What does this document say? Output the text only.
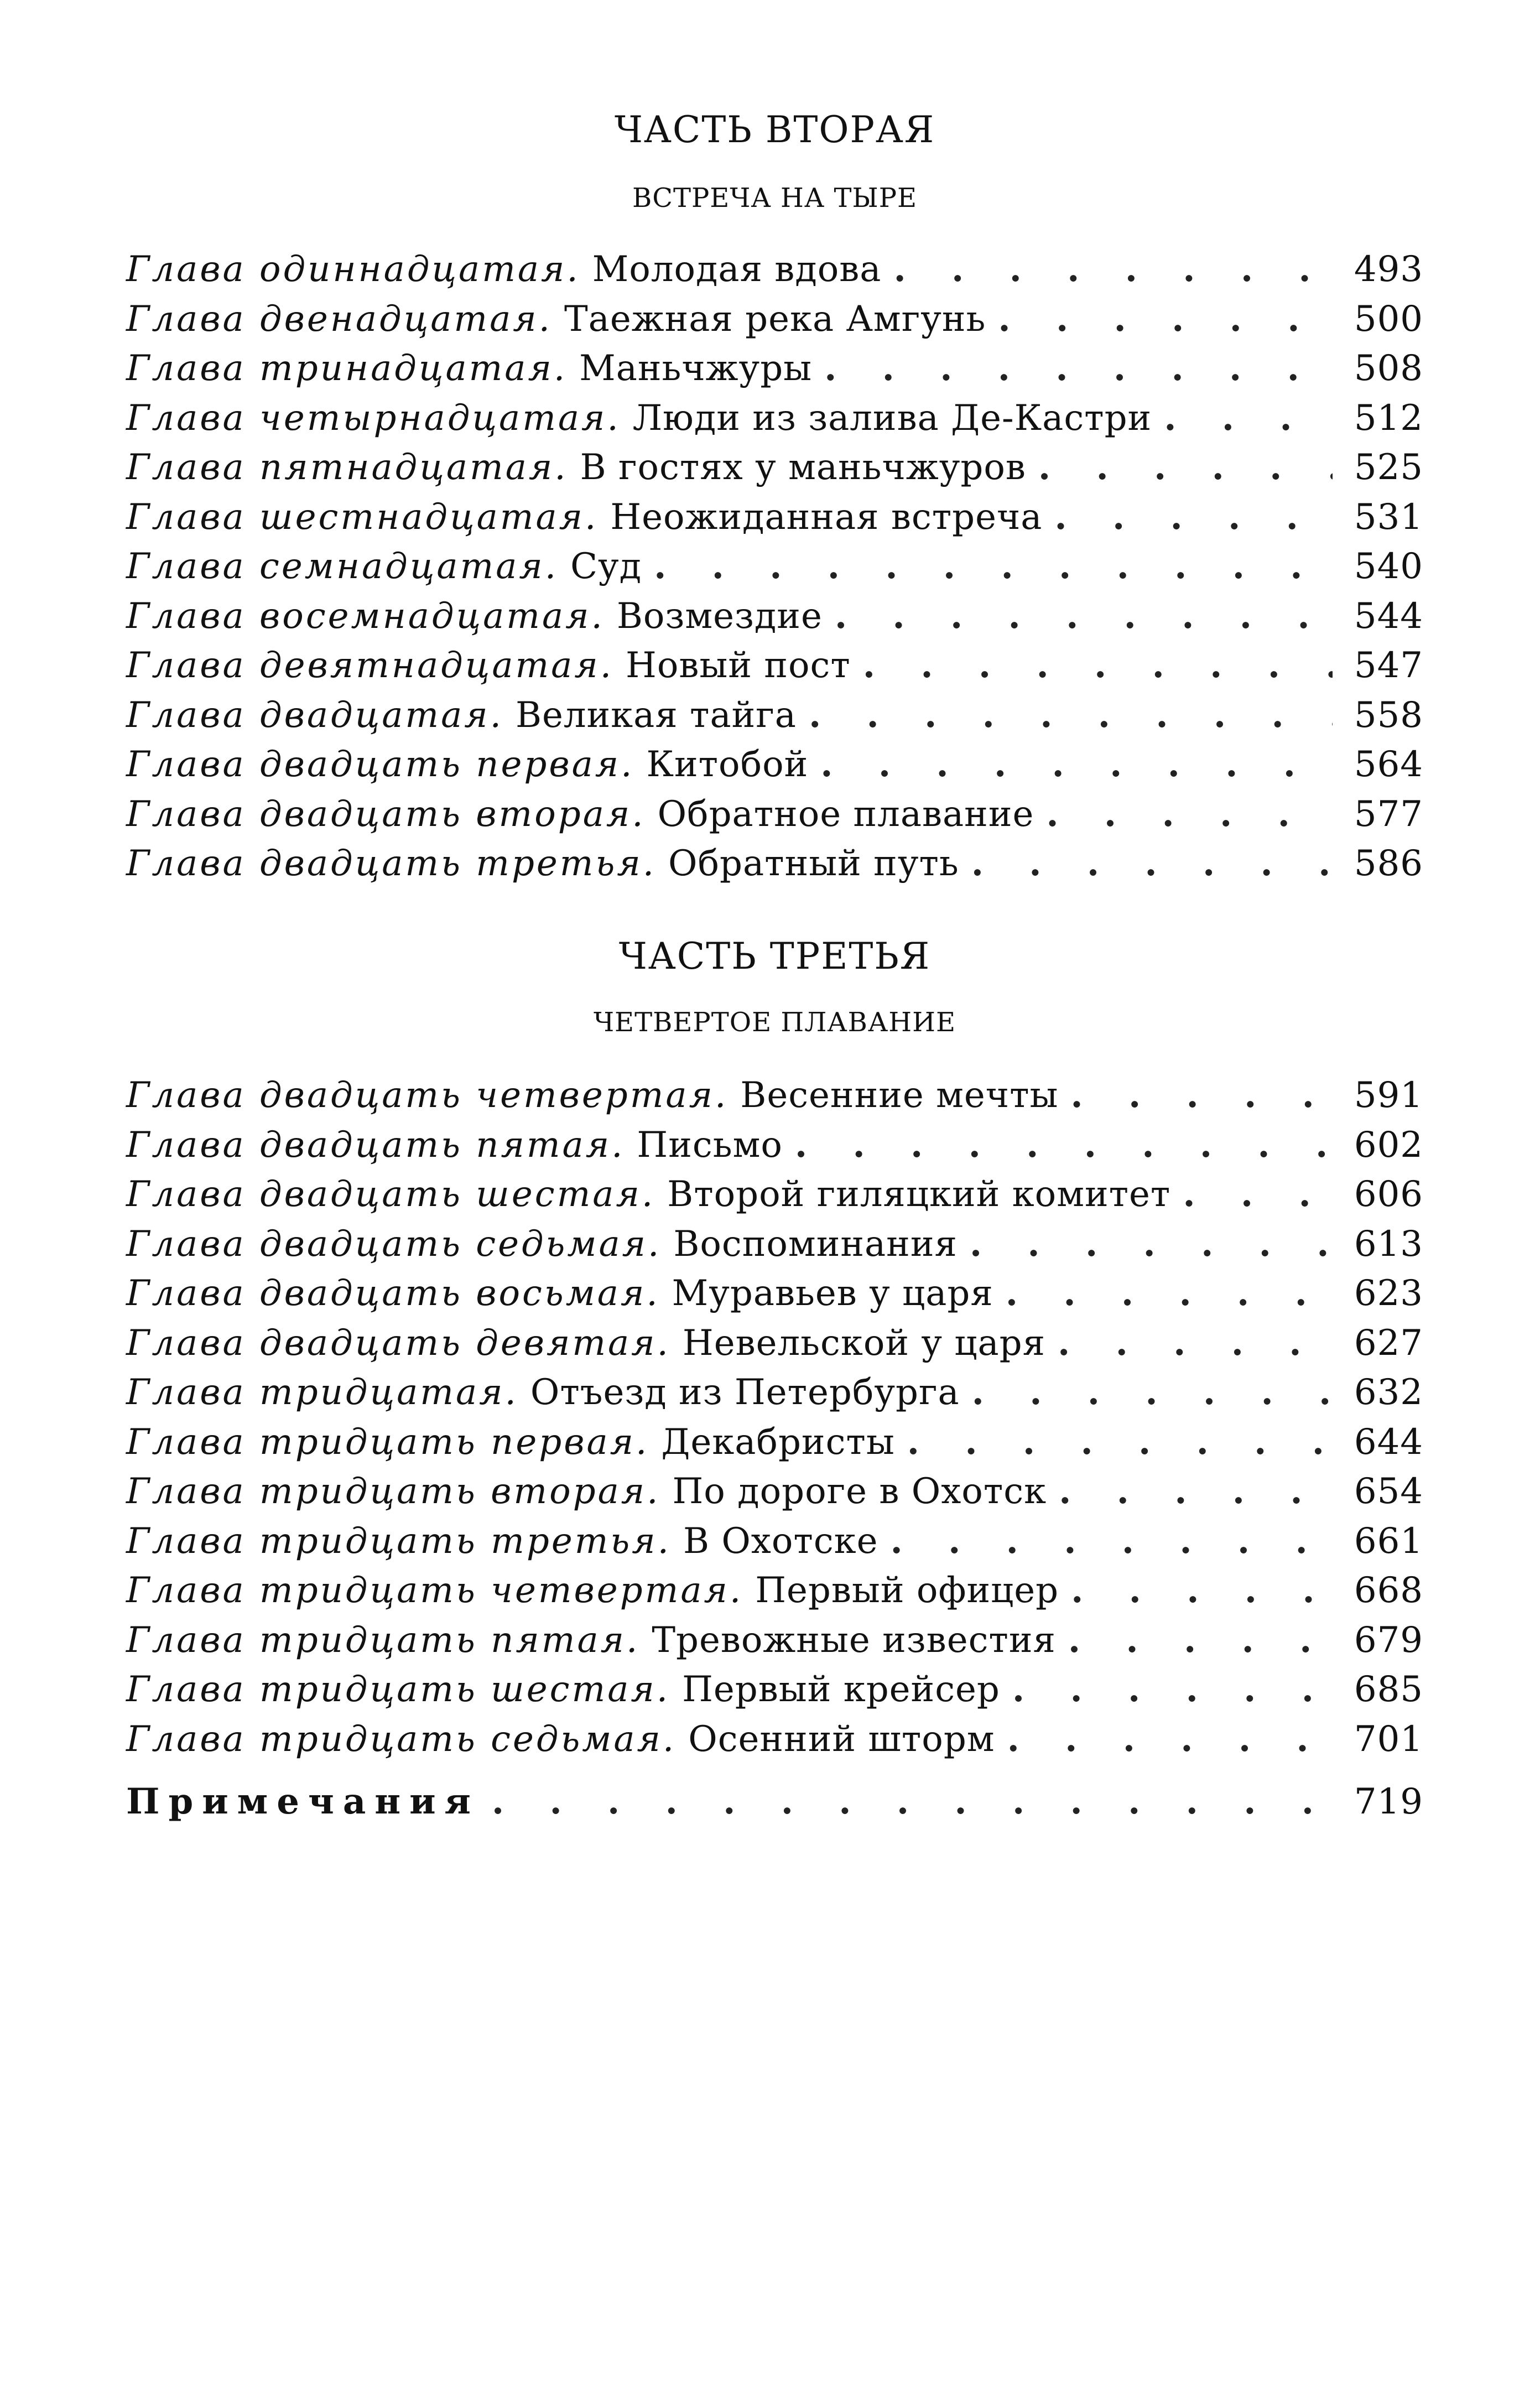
ЧАСТЬ ВТОРАЯ
ВСТРЕЧА НА ТЫРЕ
Глава одиннадцатая. Молодая вдова . . .	493
Глава двенадцатая. Таежная река Амгунь . . .	500
Глава тринадцатая. Маньчжуры . . .	508
Глава четырнадцатая. Люди из залива Де-Кастри . . .	512
Глава пятнадцатая. В гостях у маньчжуров . . .	525
Глава шестнадцатая. Неожиданная встреча . . .	531
Глава семнадцатая. Суд . . .	540
Глава восемнадцатая. Возмездие . . .	544
Глава девятнадцатая. Новый пост . . .	547
Глава двадцатая. Великая тайга . . .	558
Глава двадцать первая. Китобой . . .	564
Глава двадцать вторая. Обратное плавание . . .	577
Глава двадцать третья. Обратный путь . . .	586
ЧАСТЬ ТРЕТЬЯ
ЧЕТВЕРТОЕ ПЛАВАНИЕ
Глава двадцать четвертая. Весенние мечты . . .	591
Глава двадцать пятая. Письмо . . .	602
Глава двадцать шестая. Второй гиляцкий комитет . . .	606
Глава двадцать седьмая. Воспоминания . . .	613
Глава двадцать восьмая. Муравьев у царя . . .	623
Глава двадцать девятая. Невельской у царя . . .	627
Глава тридцатая. Отъезд из Петербурга . . .	632
Глава тридцать первая. Декабристы . . .	644
Глава тридцать вторая. По дороге в Охотск . . .	654
Глава тридцать третья. В Охотске . . .	661
Глава тридцать четвертая. Первый офицер . . .	668
Глава тридцать пятая. Тревожные известия . . .	679
Глава тридцать шестая. Первый крейсер . . .	685
Глава тридцать седьмая. Осенний шторм . . .	701
Примечания . . .	719
